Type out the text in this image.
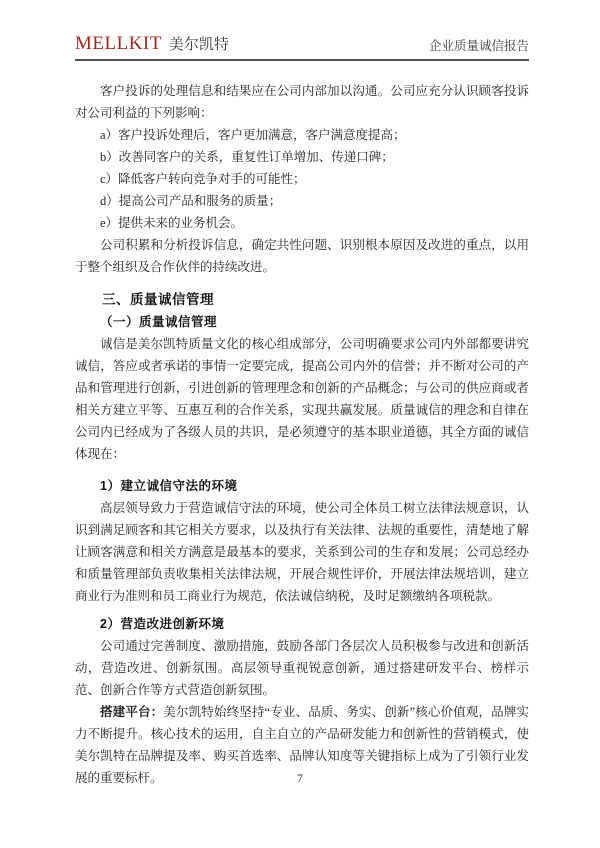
MELLKIT 美尔凯特	企业质量诚信报告

客户投诉的处理信息和结果应在公司内部加以沟通。公司应充分认识顾客投诉对公司利益的下列影响：

a）客户投诉处理后，客户更加满意，客户满意度提高；

b）改善同客户的关系，重复性订单增加、传递口碑；

c）降低客户转向竞争对手的可能性；

d）提高公司产品和服务的质量；

e）提供未来的业务机会。

公司积累和分析投诉信息，确定共性问题、识别根本原因及改进的重点，以用于整个组织及合作伙伴的持续改进。

三、质量诚信管理

（一）质量诚信管理

诚信是美尔凯特质量文化的核心组成部分，公司明确要求公司内外部都要讲究诚信，答应或者承诺的事情一定要完成，提高公司内外的信誉；并不断对公司的产品和管理进行创新，引进创新的管理理念和创新的产品概念；与公司的供应商或者相关方建立平等、互惠互利的合作关系，实现共赢发展。质量诚信的理念和自律在公司内已经成为了各级人员的共识，是必须遵守的基本职业道德，其全方面的诚信体现在：

1）建立诚信守法的环境

高层领导致力于营造诚信守法的环境，使公司全体员工树立法律法规意识，认识到满足顾客和其它相关方要求，以及执行有关法律、法规的重要性，清楚地了解让顾客满意和相关方满意是最基本的要求，关系到公司的生存和发展；公司总经办和质量管理部负责收集相关法律法规，开展合规性评价，开展法律法规培训，建立商业行为准则和员工商业行为规范，依法诚信纳税，及时足额缴纳各项税款。

2）营造改进创新环境

公司通过完善制度、激励措施，鼓励各部门各层次人员积极参与改进和创新活动，营造改进、创新氛围。高层领导重视锐意创新，通过搭建研发平台、榜样示范、创新合作等方式营造创新氛围。

搭建平台：美尔凯特始终坚持“专业、品质、务实、创新”核心价值观，品牌实力不断提升。核心技术的运用，自主自立的产品研发能力和创新性的营销模式，使美尔凯特在品牌提及率、购买首选率、品牌认知度等关键指标上成为了引领行业发展的重要标杆。	7
